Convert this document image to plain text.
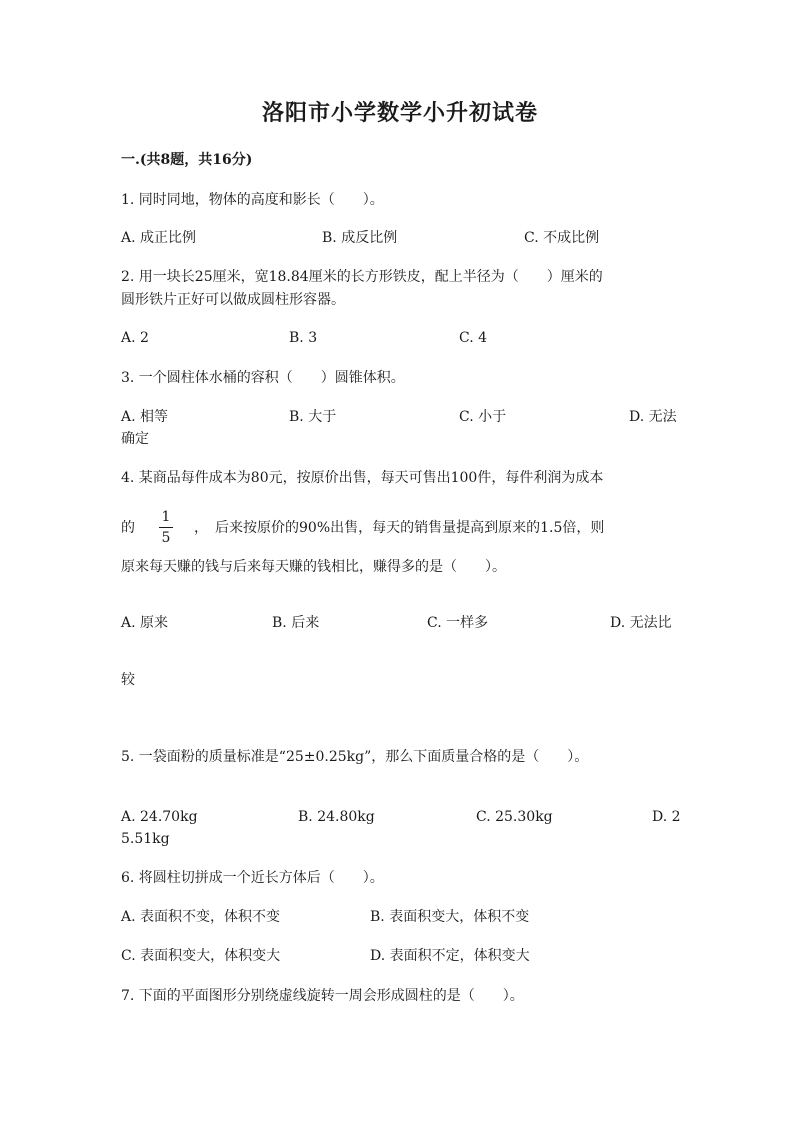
洛阳市小学数学小升初试卷
一.(共8题，共16分)
1. 同时同地，物体的高度和影长（　　）。
A. 成正比例	B. 成反比例	C. 不成比例
2. 用一块长25厘米，宽18.84厘米的长方形铁皮，配上半径为（　　）厘米的
圆形铁片正好可以做成圆柱形容器。
A. 2	B. 3	C. 4
3. 一个圆柱体水桶的容积（　　）圆锥体积。
A. 相等	B. 大于	C. 小于	D. 无法
确定
4. 某商品每件成本为80元，按原价出售，每天可售出100件，每件利润为成本
的
1
5
，　后来按原价的90%出售，每天的销售量提高到原来的1.5倍，则
原来每天赚的钱与后来每天赚的钱相比，赚得多的是（　　）。
A. 原来	B. 后来	C. 一样多	D. 无法比
较
5. 一袋面粉的质量标准是“25±0.25kg”，那么下面质量合格的是（　　）。
A. 24.70kg	B. 24.80kg	C. 25.30kg	D. 2
5.51kg
6. 将圆柱切拼成一个近长方体后（　　）。
A. 表面积不变，体积不变	B. 表面积变大，体积不变
C. 表面积变大，体积变大	D. 表面积不定，体积变大
7. 下面的平面图形分别绕虚线旋转一周会形成圆柱的是（　　）。
